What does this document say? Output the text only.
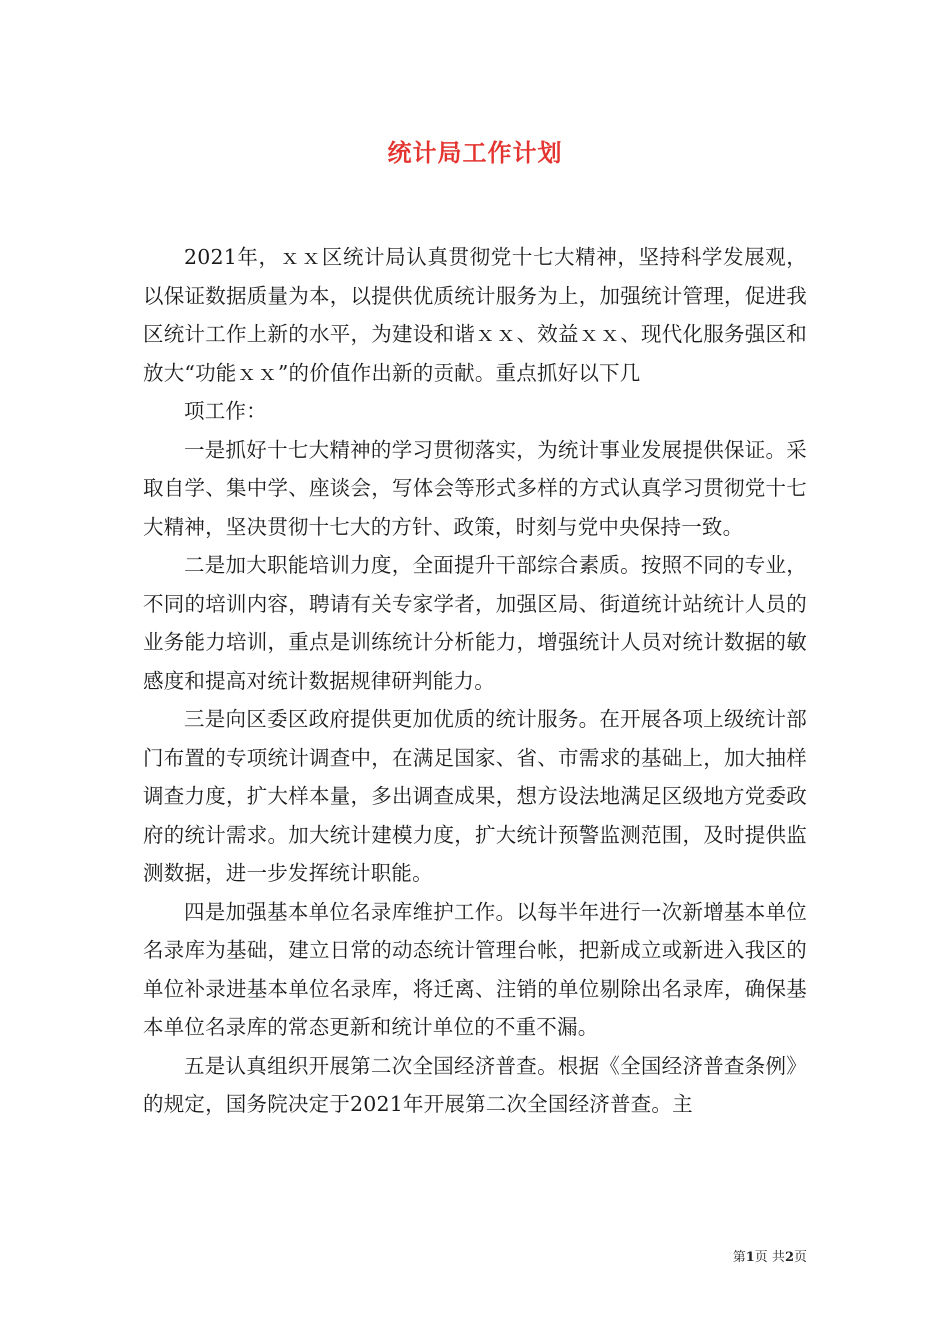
统计局工作计划

2021年，ｘｘ区统计局认真贯彻党十七大精神，坚持科学发展观，以保证数据质量为本，以提供优质统计服务为上，加强统计管理，促进我区统计工作上新的水平，为建设和谐ｘｘ、效益ｘｘ、现代化服务强区和放大“功能ｘｘ”的价值作出新的贡献。重点抓好以下几

项工作：

一是抓好十七大精神的学习贯彻落实，为统计事业发展提供保证。采取自学、集中学、座谈会，写体会等形式多样的方式认真学习贯彻党十七大精神，坚决贯彻十七大的方针、政策，时刻与党中央保持一致。

二是加大职能培训力度，全面提升干部综合素质。按照不同的专业，不同的培训内容，聘请有关专家学者，加强区局、街道统计站统计人员的业务能力培训，重点是训练统计分析能力，增强统计人员对统计数据的敏感度和提高对统计数据规律研判能力。

三是向区委区政府提供更加优质的统计服务。在开展各项上级统计部门布置的专项统计调查中，在满足国家、省、市需求的基础上，加大抽样调查力度，扩大样本量，多出调查成果，想方设法地满足区级地方党委政府的统计需求。加大统计建模力度，扩大统计预警监测范围，及时提供监测数据，进一步发挥统计职能。

四是加强基本单位名录库维护工作。以每半年进行一次新增基本单位名录库为基础，建立日常的动态统计管理台帐，把新成立或新进入我区的单位补录进基本单位名录库，将迁离、注销的单位剔除出名录库，确保基本单位名录库的常态更新和统计单位的不重不漏。

五是认真组织开展第二次全国经济普查。根据《全国经济普查条例》的规定，国务院决定于2021年开展第二次全国经济普查。主

第1页 共2页
